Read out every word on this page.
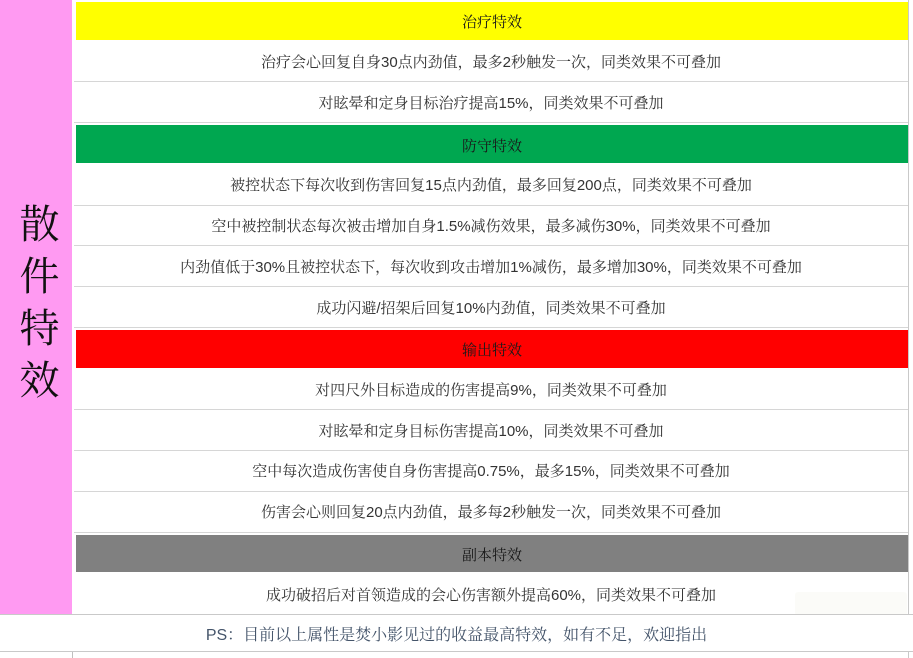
散件特效
治疗特效
治疗会心回复自身30点内劲值，最多2秒触发一次，同类效果不可叠加
对眩晕和定身目标治疗提高15%，同类效果不可叠加
防守特效
被控状态下每次收到伤害回复15点内劲值，最多回复200点，同类效果不可叠加
空中被控制状态每次被击增加自身1.5%减伤效果，最多减伤30%，同类效果不可叠加
内劲值低于30%且被控状态下，每次收到攻击增加1%减伤，最多增加30%，同类效果不可叠加
成功闪避/招架后回复10%内劲值，同类效果不可叠加
输出特效
对四尺外目标造成的伤害提高9%，同类效果不可叠加
对眩晕和定身目标伤害提高10%，同类效果不可叠加
空中每次造成伤害使自身伤害提高0.75%，最多15%，同类效果不可叠加
伤害会心则回复20点内劲值，最多每2秒触发一次，同类效果不可叠加
副本特效
成功破招后对首领造成的会心伤害额外提高60%，同类效果不可叠加
PS：目前以上属性是焚小影见过的收益最高特效，如有不足，欢迎指出
